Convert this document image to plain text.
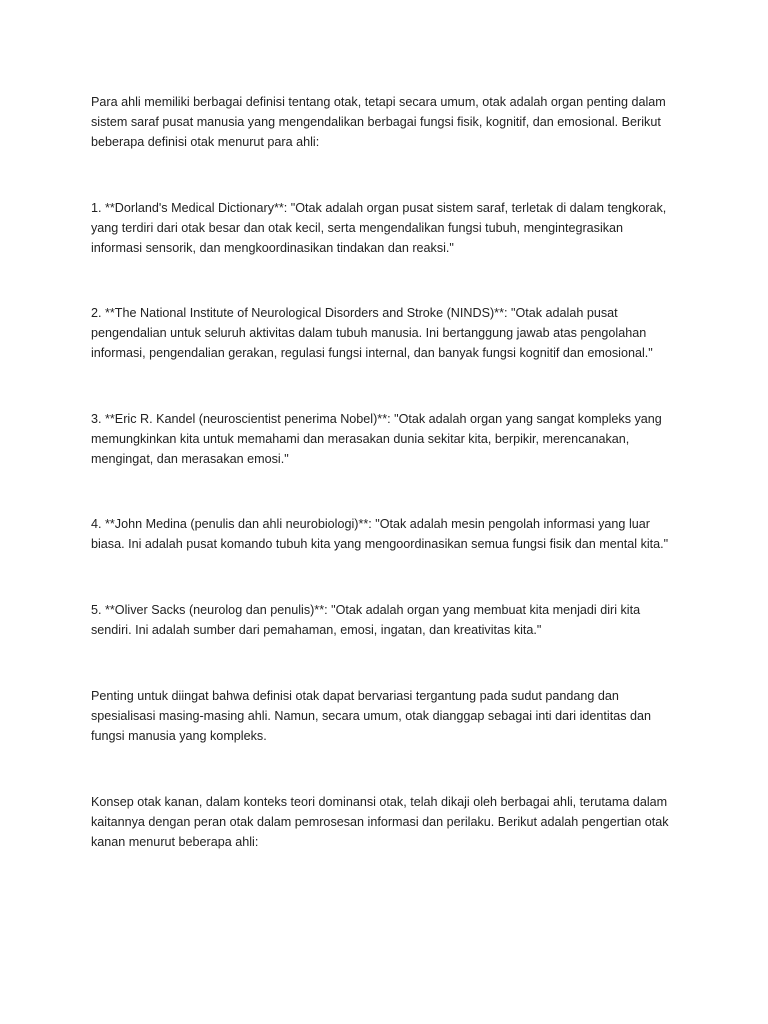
Para ahli memiliki berbagai definisi tentang otak, tetapi secara umum, otak adalah organ penting dalam
sistem saraf pusat manusia yang mengendalikan berbagai fungsi fisik, kognitif, dan emosional. Berikut
beberapa definisi otak menurut para ahli:

1. **Dorland's Medical Dictionary**: "Otak adalah organ pusat sistem saraf, terletak di dalam tengkorak,
yang terdiri dari otak besar dan otak kecil, serta mengendalikan fungsi tubuh, mengintegrasikan
informasi sensorik, dan mengkoordinasikan tindakan dan reaksi."

2. **The National Institute of Neurological Disorders and Stroke (NINDS)**: "Otak adalah pusat
pengendalian untuk seluruh aktivitas dalam tubuh manusia. Ini bertanggung jawab atas pengolahan
informasi, pengendalian gerakan, regulasi fungsi internal, dan banyak fungsi kognitif dan emosional."

3. **Eric R. Kandel (neuroscientist penerima Nobel)**: "Otak adalah organ yang sangat kompleks yang
memungkinkan kita untuk memahami dan merasakan dunia sekitar kita, berpikir, merencanakan,
mengingat, dan merasakan emosi."

4. **John Medina (penulis dan ahli neurobiologi)**: "Otak adalah mesin pengolah informasi yang luar
biasa. Ini adalah pusat komando tubuh kita yang mengoordinasikan semua fungsi fisik dan mental kita."

5. **Oliver Sacks (neurolog dan penulis)**: "Otak adalah organ yang membuat kita menjadi diri kita
sendiri. Ini adalah sumber dari pemahaman, emosi, ingatan, dan kreativitas kita."

Penting untuk diingat bahwa definisi otak dapat bervariasi tergantung pada sudut pandang dan
spesialisasi masing-masing ahli. Namun, secara umum, otak dianggap sebagai inti dari identitas dan
fungsi manusia yang kompleks.

Konsep otak kanan, dalam konteks teori dominansi otak, telah dikaji oleh berbagai ahli, terutama dalam
kaitannya dengan peran otak dalam pemrosesan informasi dan perilaku. Berikut adalah pengertian otak
kanan menurut beberapa ahli:
